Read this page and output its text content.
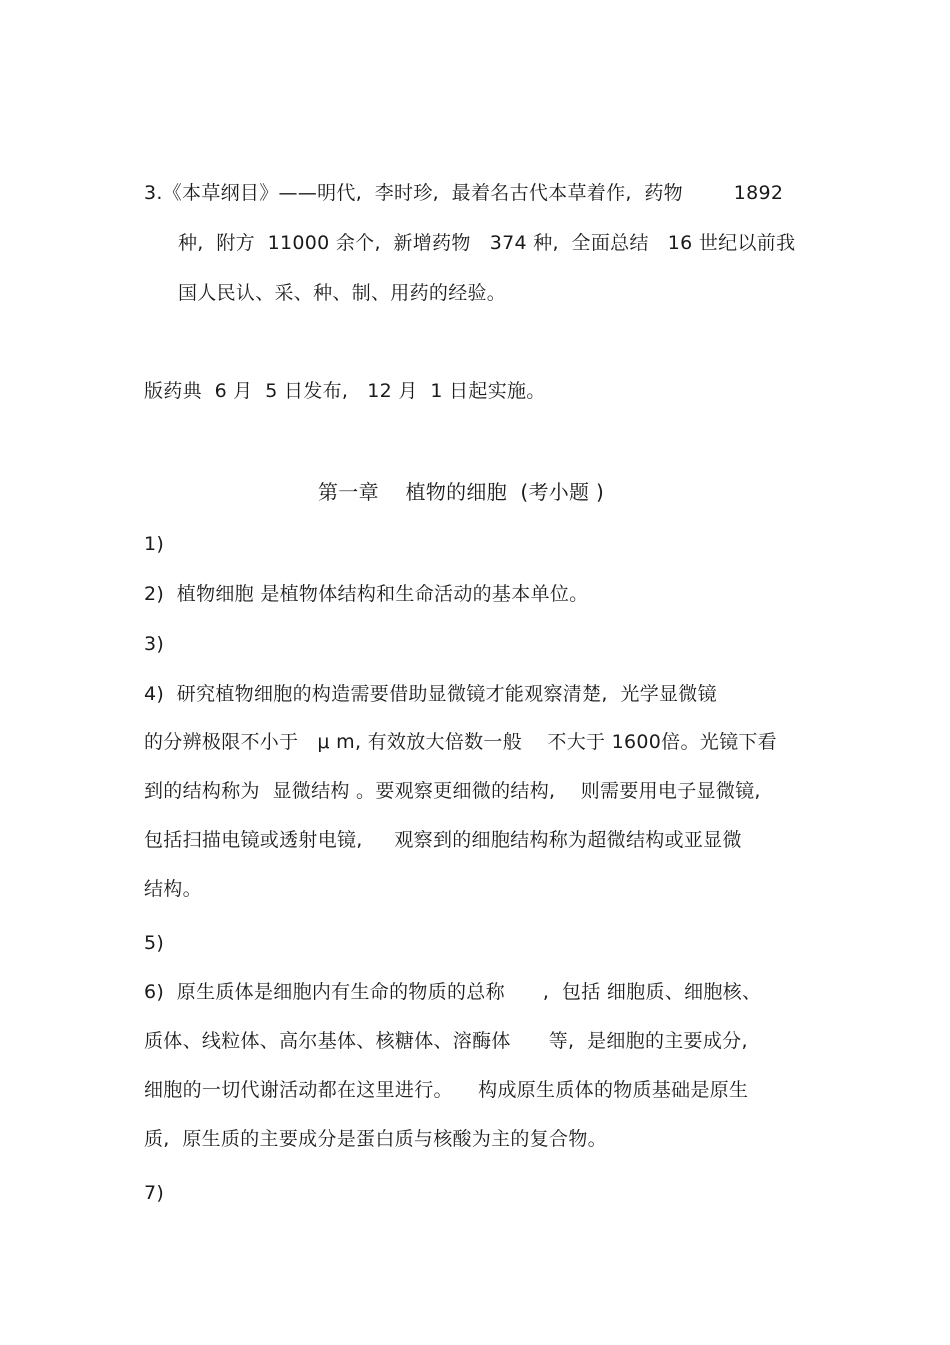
3.《本草纲目》——明代,  李时珍,  最着名古代本草着作,  药物        1892
种,  附方  11000 余个,  新增药物   374 种,  全面总结   16 世纪以前我
国人民认、采、种、制、用药的经验。
版药典  6 月  5 日发布,   12 月  1 日起实施。
第一章    植物的细胞  (考小题 )
1)
2)  植物细胞 是植物体结构和生命活动的基本单位。
3)
4)  研究植物细胞的构造需要借助显微镜才能观察清楚,  光学显微镜
的分辨极限不小于   μ m, 有效放大倍数一般    不大于 1600倍。光镜下看
到的结构称为  显微结构 。要观察更细微的结构,    则需要用电子显微镜,
包括扫描电镜或透射电镜,     观察到的细胞结构称为超微结构或亚显微
结构。
5)
6)  原生质体是细胞内有生命的物质的总称      ,  包括 细胞质、细胞核、
质体、线粒体、高尔基体、核糖体、溶酶体      等,  是细胞的主要成分,
细胞的一切代谢活动都在这里进行。    构成原生质体的物质基础是原生
质,  原生质的主要成分是蛋白质与核酸为主的复合物。
7)
